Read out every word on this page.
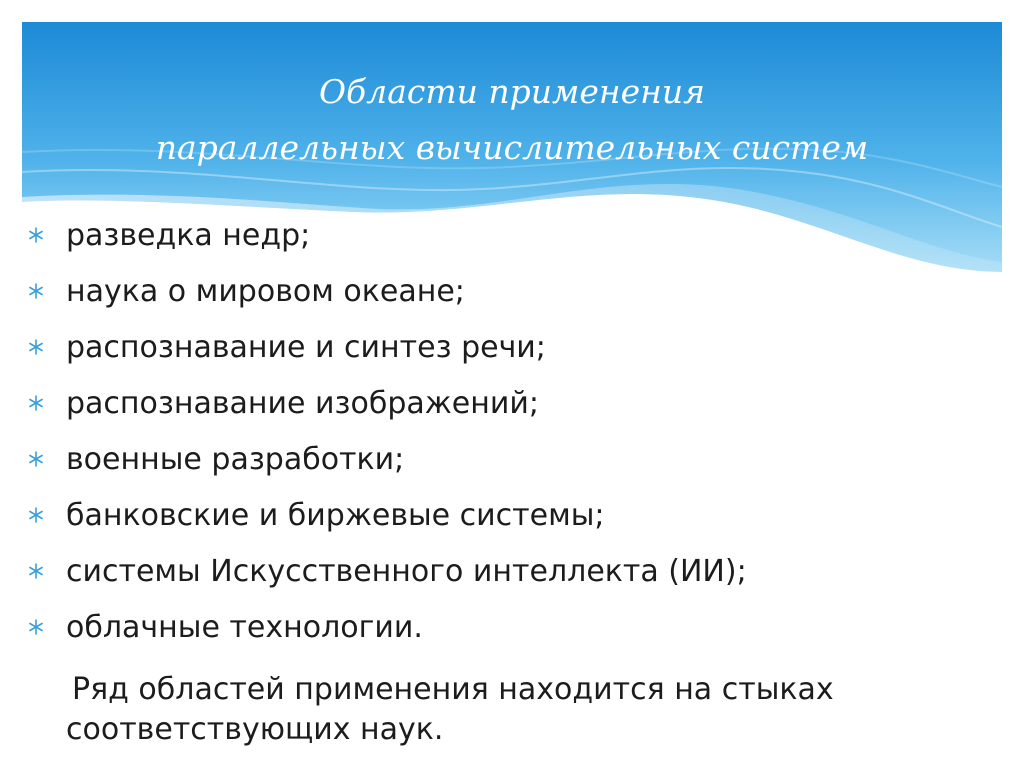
Области применения
параллельных вычислительных систем
разведка недр;
наука о мировом океане;
распознавание и синтез речи;
распознавание изображений;
военные разработки;
банковские и биржевые системы;
системы Искусственного интеллекта (ИИ);
облачные технологии.

Ряд областей применения находится на стыках соответствующих наук.
